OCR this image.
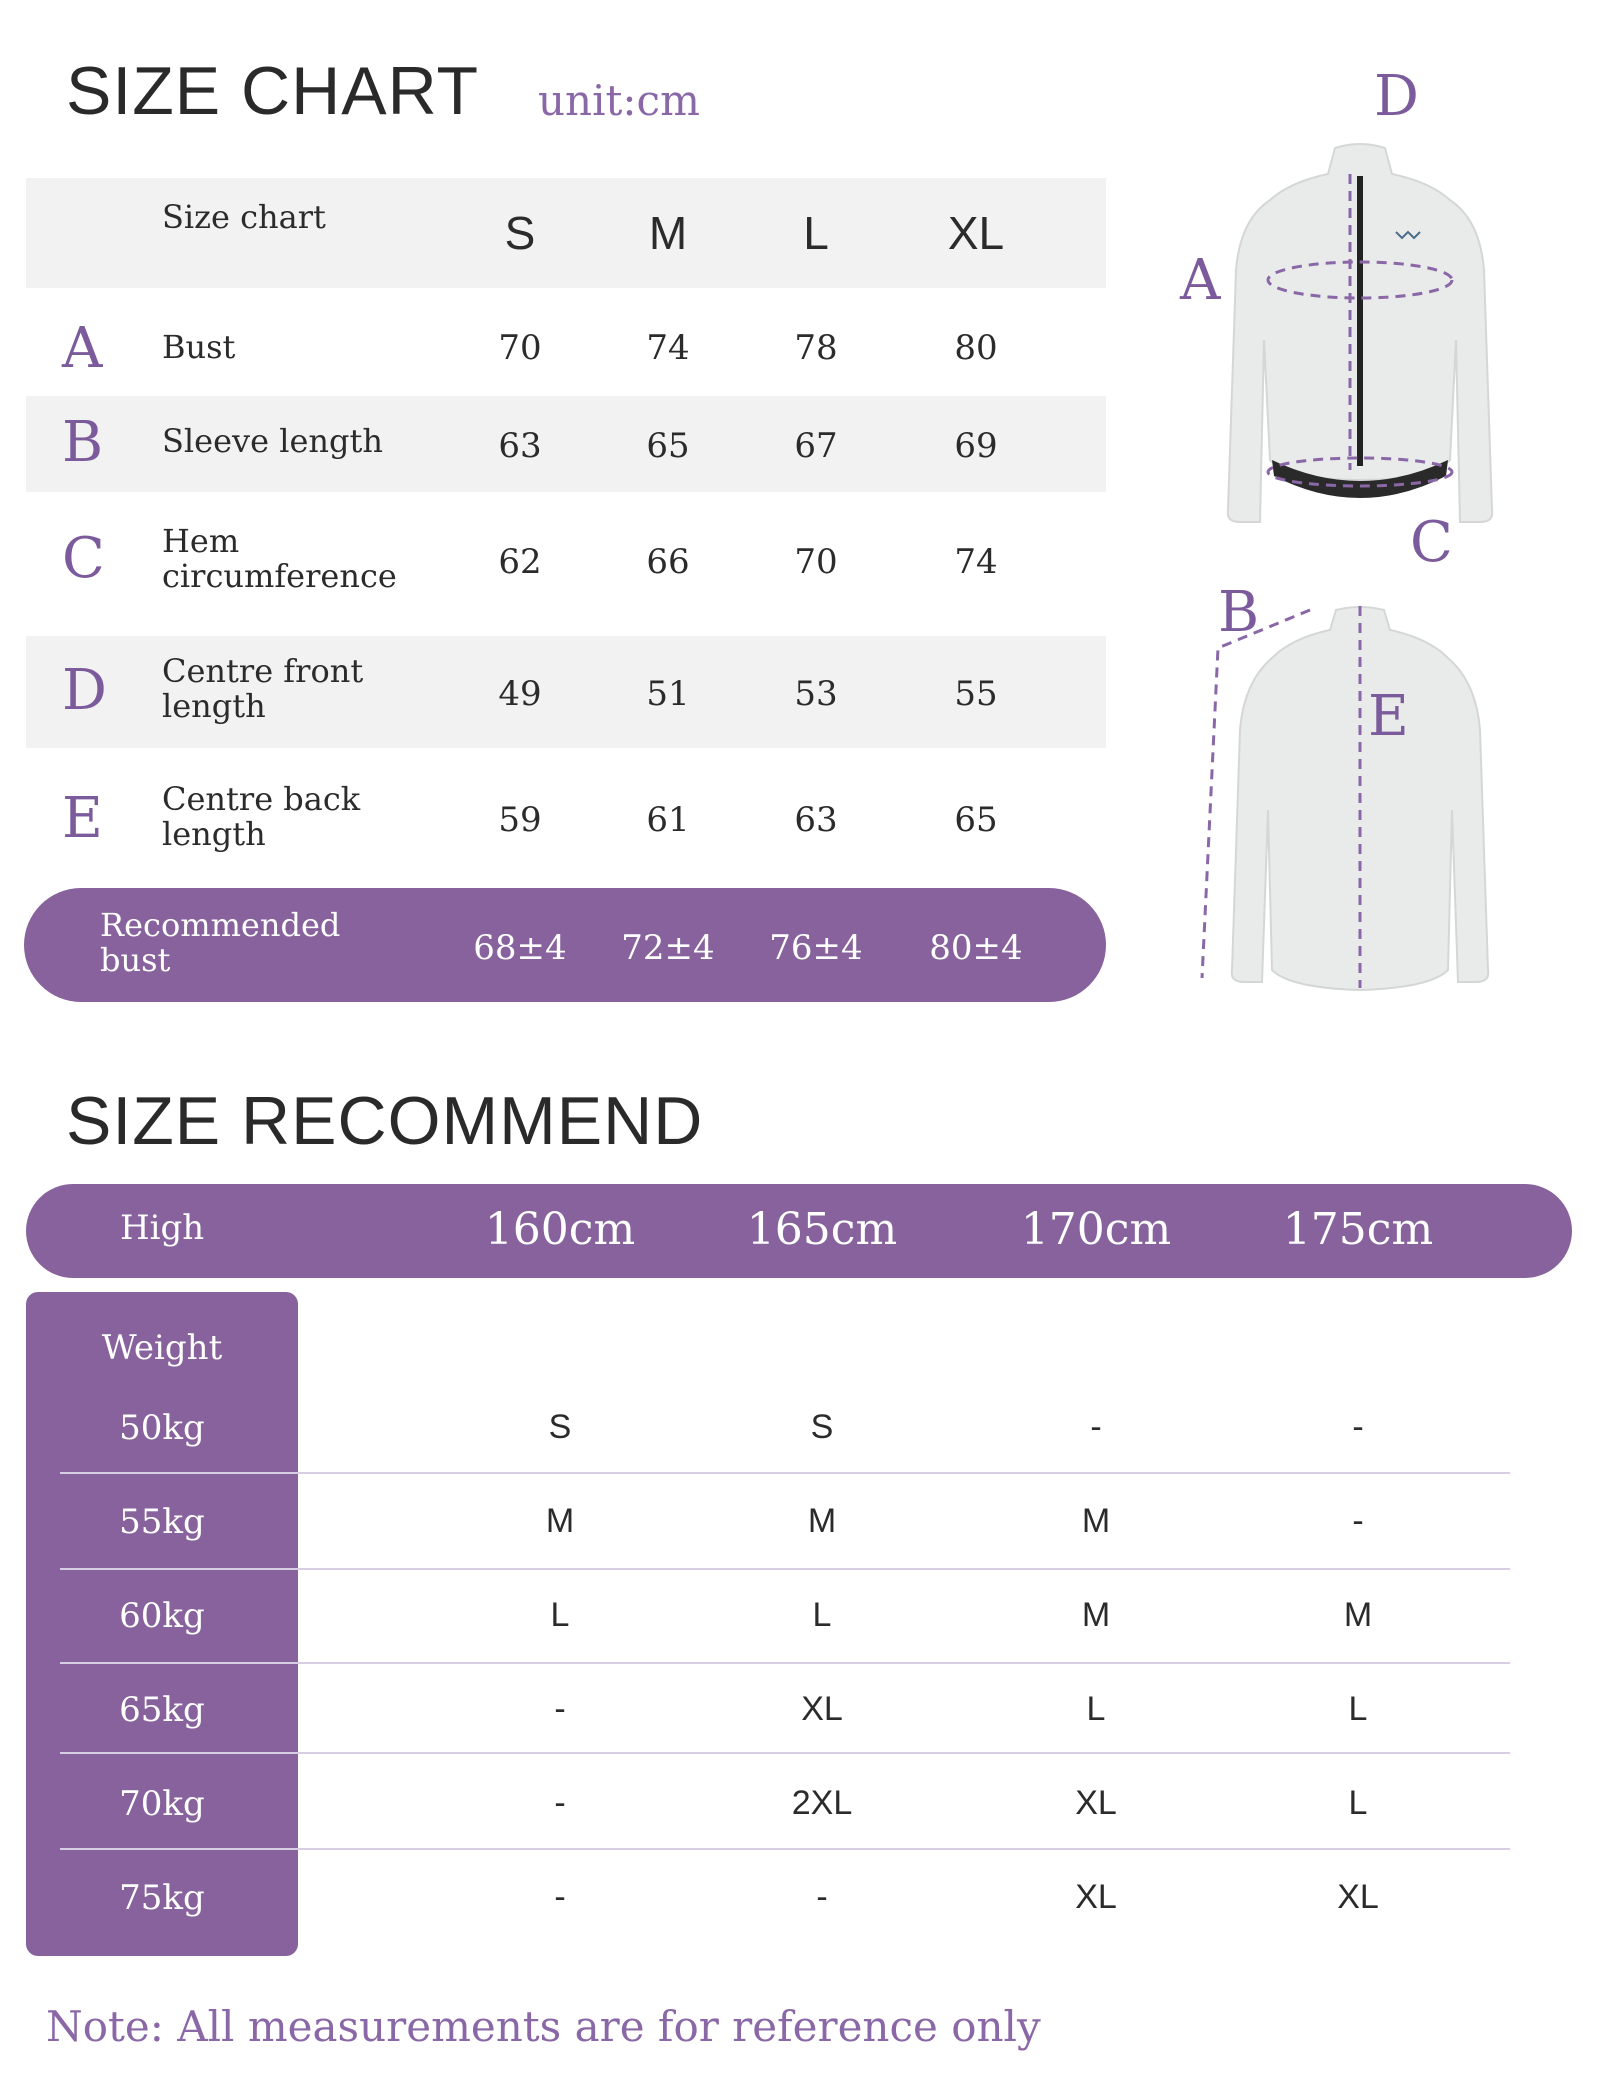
SIZE CHART unit:cm
Size chart	S	M	L	XL
A Bust	70	74	78	80
B Sleeve length	63	65	67	69
C Hem circumference	62	66	70	74
D Centre front length	49	51	53	55
E Centre back length	59	61	63	65
Recommended bust	68±4	72±4	76±4	80±4
D
A
C
B
E
SIZE RECOMMEND
High	160cm	165cm	170cm	175cm
Weight
50kg	S	S	-	-
55kg	M	M	M	-
60kg	L	L	M	M
65kg	-	XL	L	L
70kg	-	2XL	XL	L
75kg	-	-	XL	XL
Note: All measurements are for reference only
